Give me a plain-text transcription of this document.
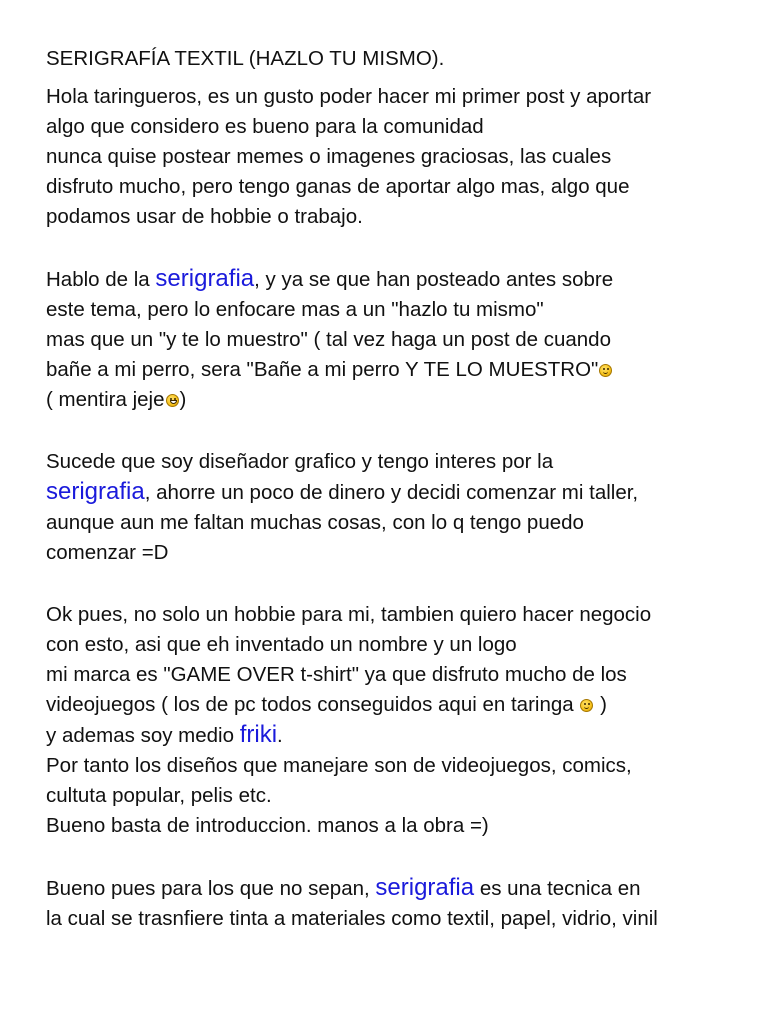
SERIGRAFÍA TEXTIL (HAZLO TU MISMO).
Hola taringueros, es un gusto poder hacer mi primer post y aportar
algo que considero es bueno para la comunidad
nunca quise postear memes o imagenes graciosas, las cuales
disfruto mucho, pero tengo ganas de aportar algo mas, algo que
podamos usar de hobbie o trabajo.
Hablo de la serigrafia, y ya se que han posteado antes sobre
este tema, pero lo enfocare mas a un "hazlo tu mismo"
mas que un "y te lo muestro" ( tal vez haga un post de cuando
bañe a mi perro, sera "Bañe a mi perro Y TE LO MUESTRO"
( mentira jeje )
Sucede que soy diseñador grafico y tengo interes por la
serigrafia, ahorre un poco de dinero y decidi comenzar mi taller,
aunque aun me faltan muchas cosas, con lo q tengo puedo
comenzar =D
Ok pues, no solo un hobbie para mi, tambien quiero hacer negocio
con esto, asi que eh inventado un nombre y un logo
mi marca es "GAME OVER t-shirt" ya que disfruto mucho de los
videojuegos ( los de pc todos conseguidos aqui en taringa  )
y ademas soy medio friki.
Por tanto los diseños que manejare son de videojuegos, comics,
cultuta popular, pelis etc.
Bueno basta de introduccion. manos a la obra =)
Bueno pues para los que no sepan, serigrafia es una tecnica en
la cual se trasnfiere tinta a materiales como textil, papel, vidrio, vinil
